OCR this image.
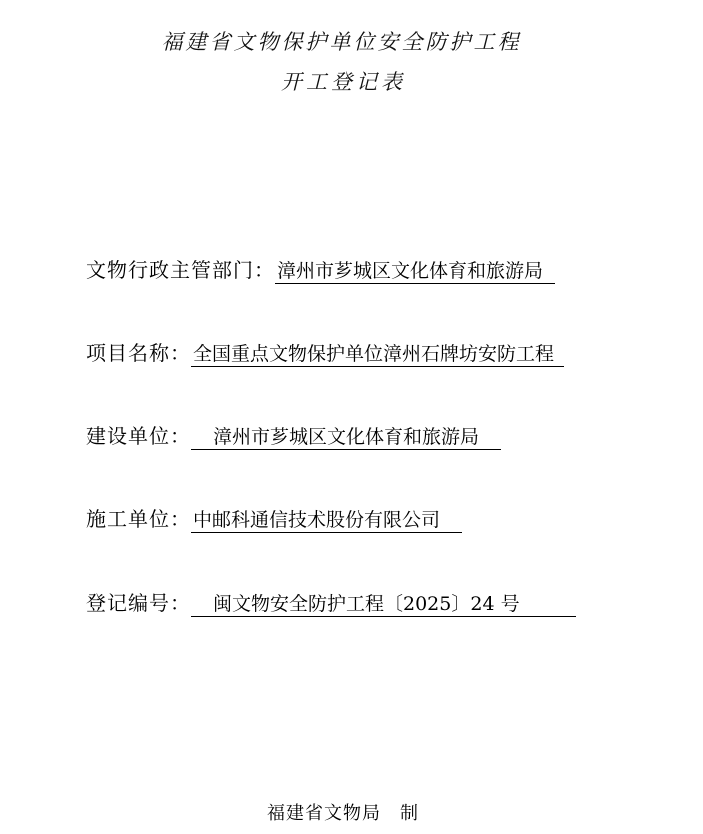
福建省文物保护单位安全防护工程
开工登记表
文物行政主管部门： 漳州市芗城区文化体育和旅游局
项目名称： 全国重点文物保护单位漳州石牌坊安防工程
建设单位：	漳州市芗城区文化体育和旅游局
施工单位： 中邮科通信技术股份有限公司
登记编号：	闽文物安全防护工程〔2025〕24 号
福建省文物局　制
